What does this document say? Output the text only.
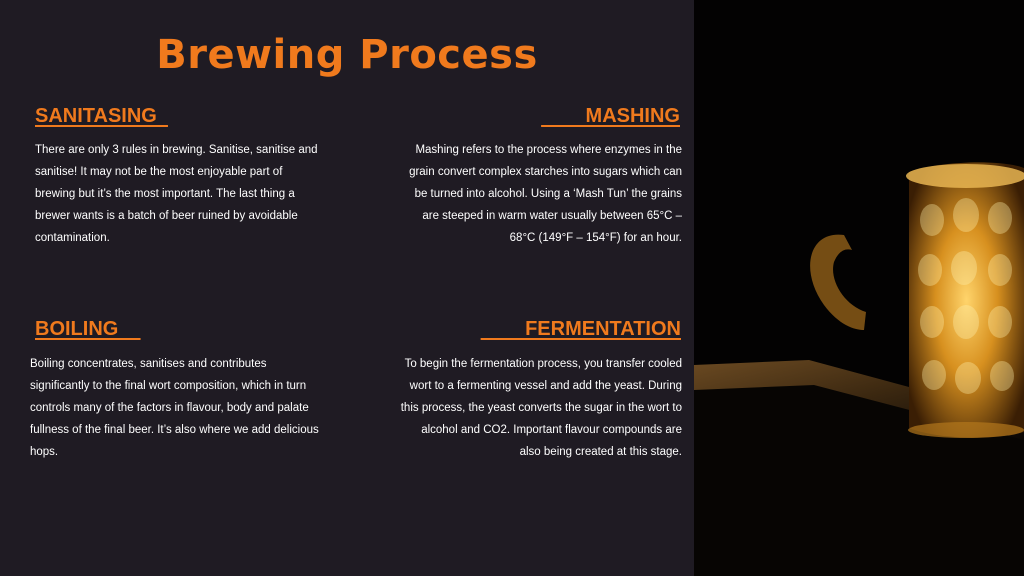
Brewing Process
SANITASING

There are only 3 rules in brewing. Sanitise, sanitise and sanitise! It may not be the most enjoyable part of brewing but it’s the most important. The last thing a brewer wants is a batch of beer ruined by avoidable contamination.

MASHING

Mashing refers to the process where enzymes in the grain convert complex starches into sugars which can be turned into alcohol. Using a ‘Mash Tun’ the grains are steeped in warm water usually between 65°C – 68°C (149°F – 154°F) for an hour.

BOILING

Boiling concentrates, sanitises and contributes significantly to the final wort composition, which in turn controls many of the factors in flavour, body and palate fullness of the final beer. It’s also where we add delicious hops.

FERMENTATION

To begin the fermentation process, you transfer cooled wort to a fermenting vessel and add the yeast. During this process, the yeast converts the sugar in the wort to alcohol and CO2. Important flavour compounds are also being created at this stage.
